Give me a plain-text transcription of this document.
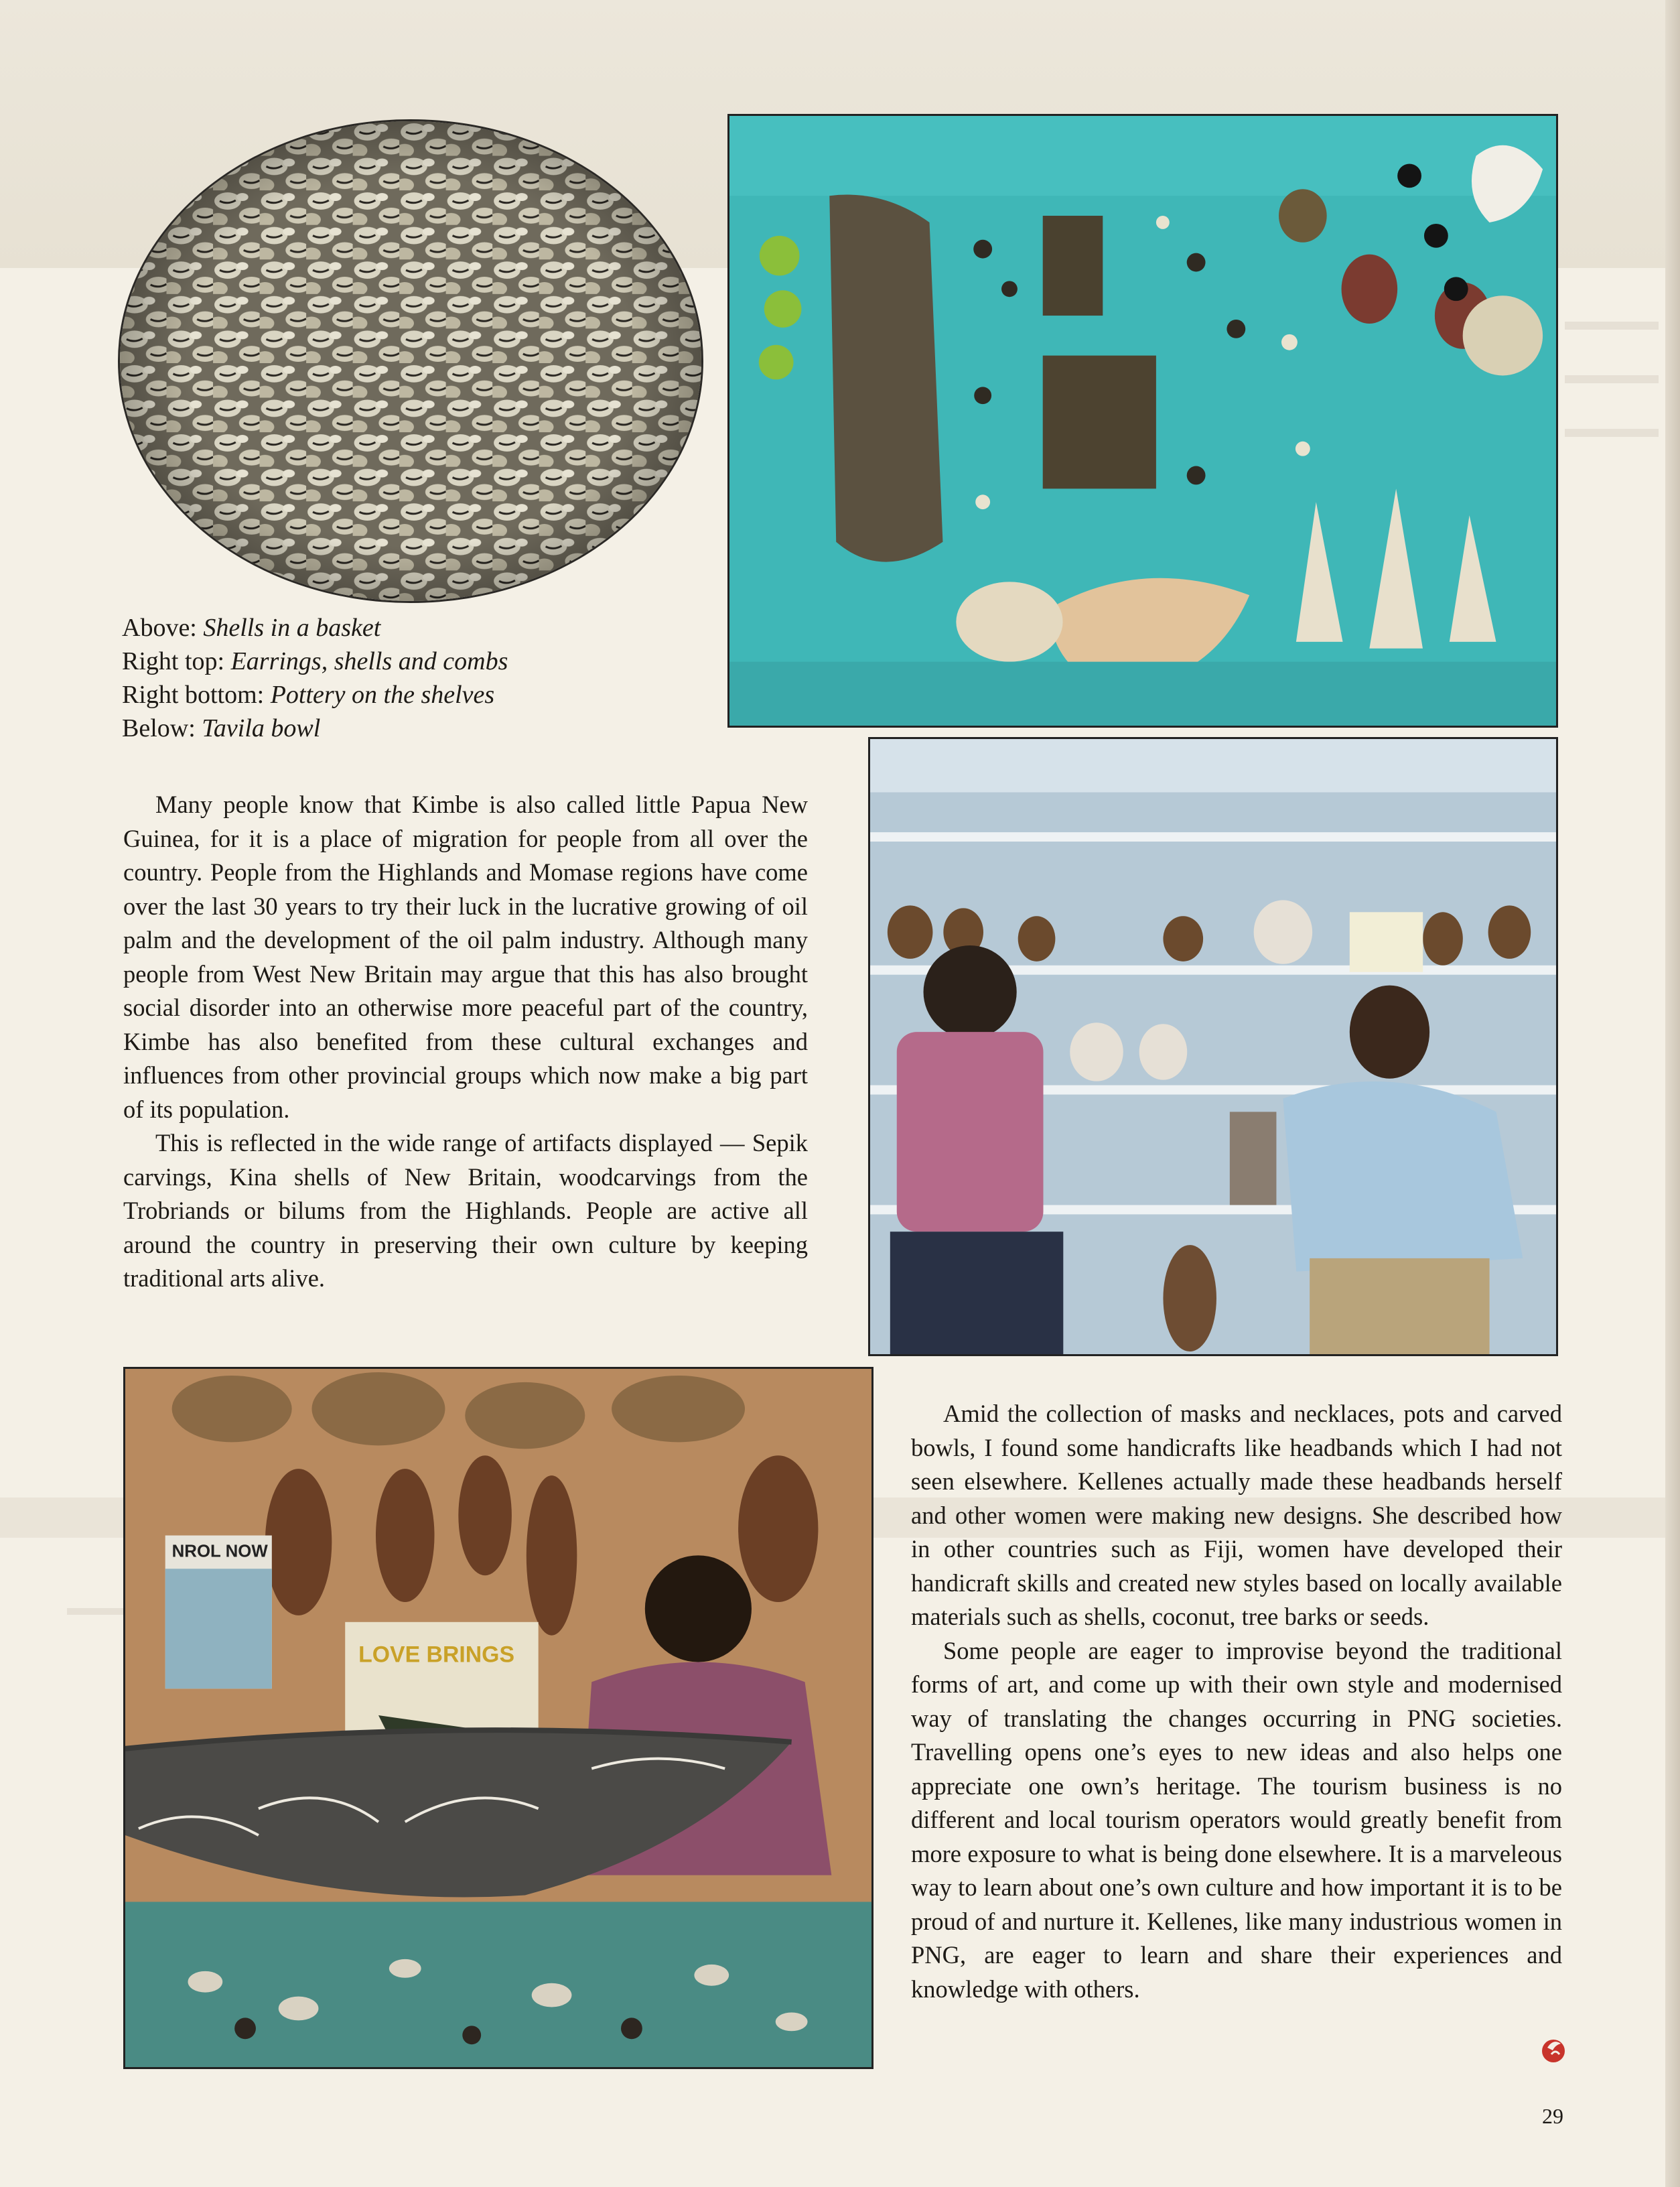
NROL NOW
LOVE BRINGS
Above: Shells in a basket
Right top: Earrings, shells and combs
Right bottom: Pottery on the shelves
Below: Tavila bowl

Many people know that Kimbe is also called little Papua New Guinea, for it is a place of migration for people from all over the country. People from the Highlands and Momase regions have come over the last 30 years to try their luck in the lucrative growing of oil palm and the development of the oil palm industry. Although many people from West New Britain may argue that this has also brought social disorder into an otherwise more peaceful part of the country, Kimbe has also benefited from these cultural exchanges and influences from other provincial groups which now make a big part of its population.

This is reflected in the wide range of artifacts displayed — Sepik carvings, Kina shells of New Britain, woodcarvings from the Trobriands or bilums from the Highlands. People are active all around the country in preserving their own culture by keeping traditional arts alive.

Amid the collection of masks and necklaces, pots and carved bowls, I found some handicrafts like headbands which I had not seen elsewhere. Kellenes actually made these headbands herself and other women were making new designs. She described how in other countries such as Fiji, women have developed their handicraft skills and created new styles based on locally available materials such as shells, coconut, tree barks or seeds.

Some people are eager to improvise beyond the traditional forms of art, and come up with their own style and modernised way of translating the changes occurring in PNG societies. Travelling opens one’s eyes to new ideas and also helps one appreciate one own’s heritage. The tourism business is no different and local tourism operators would greatly benefit from more exposure to what is being done elsewhere. It is a marveleous way to learn about one’s own culture and how important it is to be proud of and nurture it. Kellenes, like many industrious women in PNG, are eager to learn and share their experiences and knowledge with others.

29
